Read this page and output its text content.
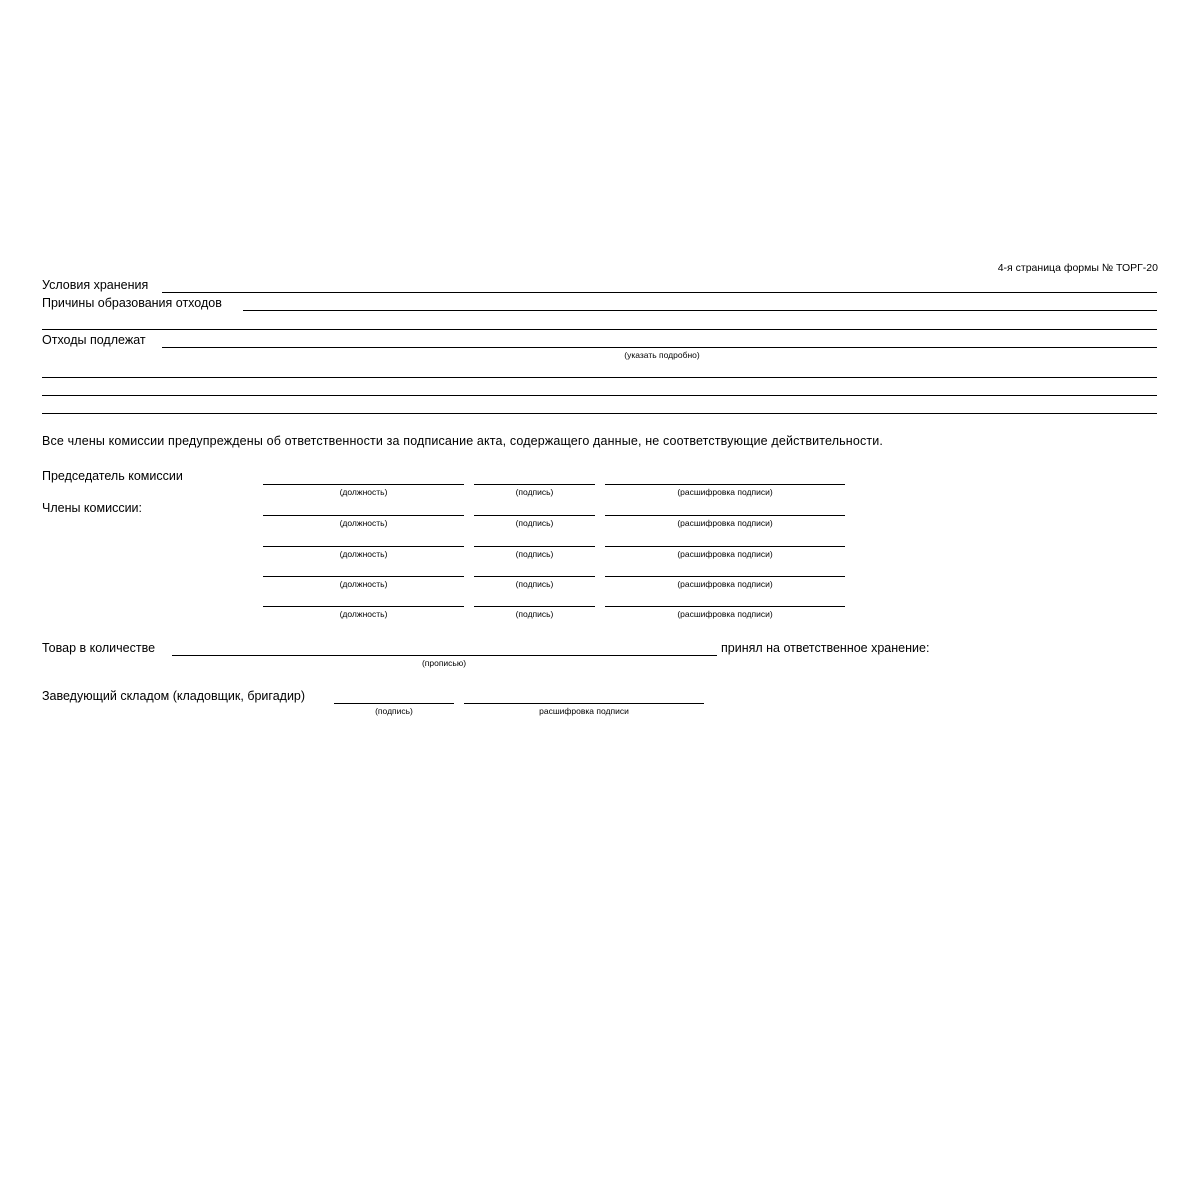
4-я страница формы № ТОРГ-20
Условия хранения
Причины образования отходов
Отходы подлежат
(указать подробно)
Все члены комиссии предупреждены об ответственности за подписание акта, содержащего данные, не соответствующие действительности.
Председатель комиссии
(должность)	(подпись)	(расшифровка подписи)
Члены комиссии:
(должность)	(подпись)	(расшифровка подписи)
(должность)	(подпись)	(расшифровка подписи)
(должность)	(подпись)	(расшифровка подписи)
(должность)	(подпись)	(расшифровка подписи)
Товар в количестве
(прописью)
принял на ответственное хранение:
Заведующий складом (кладовщик, бригадир)
(подпись)	расшифровка подписи
